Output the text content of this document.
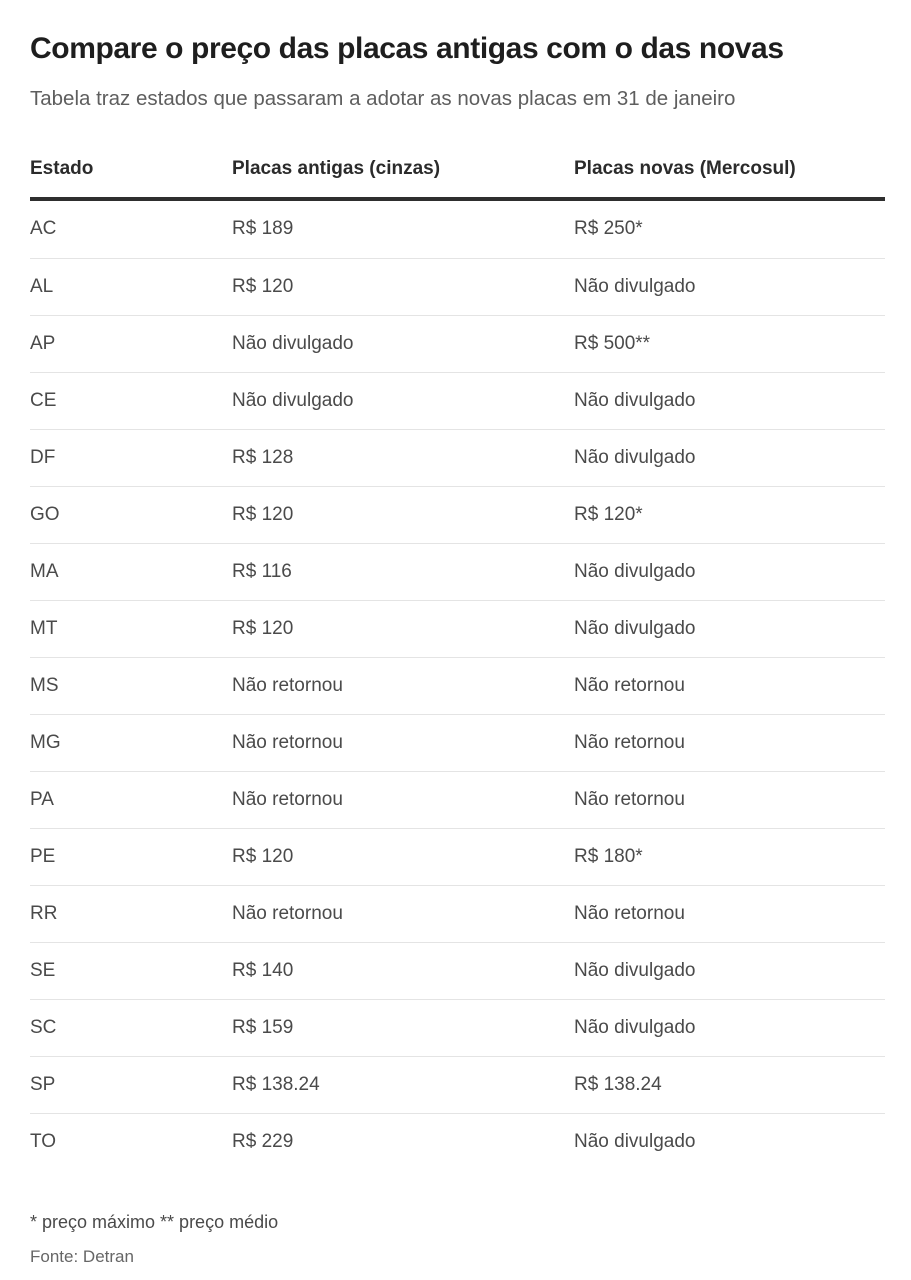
Compare o preço das placas antigas com o das novas

Tabela traz estados que passaram a adotar as novas placas em 31 de janeiro

Estado	Placas antigas (cinzas)	Placas novas (Mercosul)
AC	R$ 189	R$ 250*
AL	R$ 120	Não divulgado
AP	Não divulgado	R$ 500**
CE	Não divulgado	Não divulgado
DF	R$ 128	Não divulgado
GO	R$ 120	R$ 120*
MA	R$ 116	Não divulgado
MT	R$ 120	Não divulgado
MS	Não retornou	Não retornou
MG	Não retornou	Não retornou
PA	Não retornou	Não retornou
PE	R$ 120	R$ 180*
RR	Não retornou	Não retornou
SE	R$ 140	Não divulgado
SC	R$ 159	Não divulgado
SP	R$ 138.24	R$ 138.24
TO	R$ 229	Não divulgado

* preço máximo ** preço médio

Fonte: Detran
